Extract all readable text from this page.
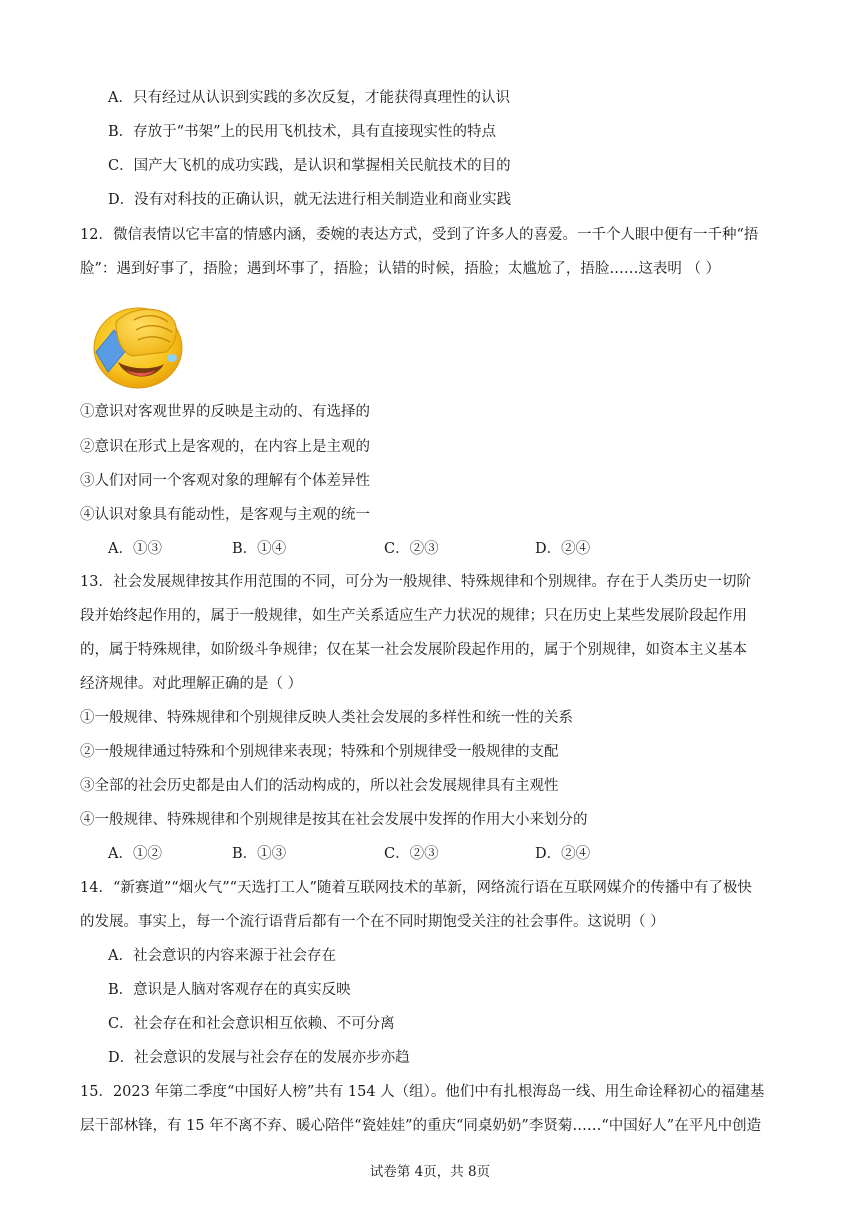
A．只有经过从认识到实践的多次反复，才能获得真理性的认识
B．存放于“书架”上的民用飞机技术，具有直接现实性的特点
C．国产大飞机的成功实践，是认识和掌握相关民航技术的目的
D．没有对科技的正确认识，就无法进行相关制造业和商业实践
12．微信表情以它丰富的情感内涵，委婉的表达方式，受到了许多人的喜爱。一千个人眼中便有一千种“捂
脸”：遇到好事了，捂脸；遇到坏事了，捂脸；认错的时候，捂脸；太尴尬了，捂脸……这表明 （ ）
①意识对客观世界的反映是主动的、有选择的
②意识在形式上是客观的，在内容上是主观的
③人们对同一个客观对象的理解有个体差异性
④认识对象具有能动性，是客观与主观的统一
A．①③	B．①④	C．②③	D．②④
13．社会发展规律按其作用范围的不同，可分为一般规律、特殊规律和个别规律。存在于人类历史一切阶
段并始终起作用的，属于一般规律，如生产关系适应生产力状况的规律；只在历史上某些发展阶段起作用
的，属于特殊规律，如阶级斗争规律；仅在某一社会发展阶段起作用的，属于个别规律，如资本主义基本
经济规律。对此理解正确的是（ ）
①一般规律、特殊规律和个别规律反映人类社会发展的多样性和统一性的关系
②一般规律通过特殊和个别规律来表现；特殊和个别规律受一般规律的支配
③全部的社会历史都是由人们的活动构成的，所以社会发展规律具有主观性
④一般规律、特殊规律和个别规律是按其在社会发展中发挥的作用大小来划分的
A．①②	B．①③	C．②③	D．②④
14．“新赛道”“烟火气”“天选打工人”随着互联网技术的革新，网络流行语在互联网媒介的传播中有了极快
的发展。事实上，每一个流行语背后都有一个在不同时期饱受关注的社会事件。这说明（ ）
A．社会意识的内容来源于社会存在
B．意识是人脑对客观存在的真实反映
C．社会存在和社会意识相互依赖、不可分离
D．社会意识的发展与社会存在的发展亦步亦趋
15．2023 年第二季度“中国好人榜”共有 154 人（组）。他们中有扎根海岛一线、用生命诠释初心的福建基
层干部林锋，有 15 年不离不弃、暖心陪伴“瓷娃娃”的重庆“同桌奶奶”李贤菊……“中国好人”在平凡中创造
试卷第 4页，共 8页
